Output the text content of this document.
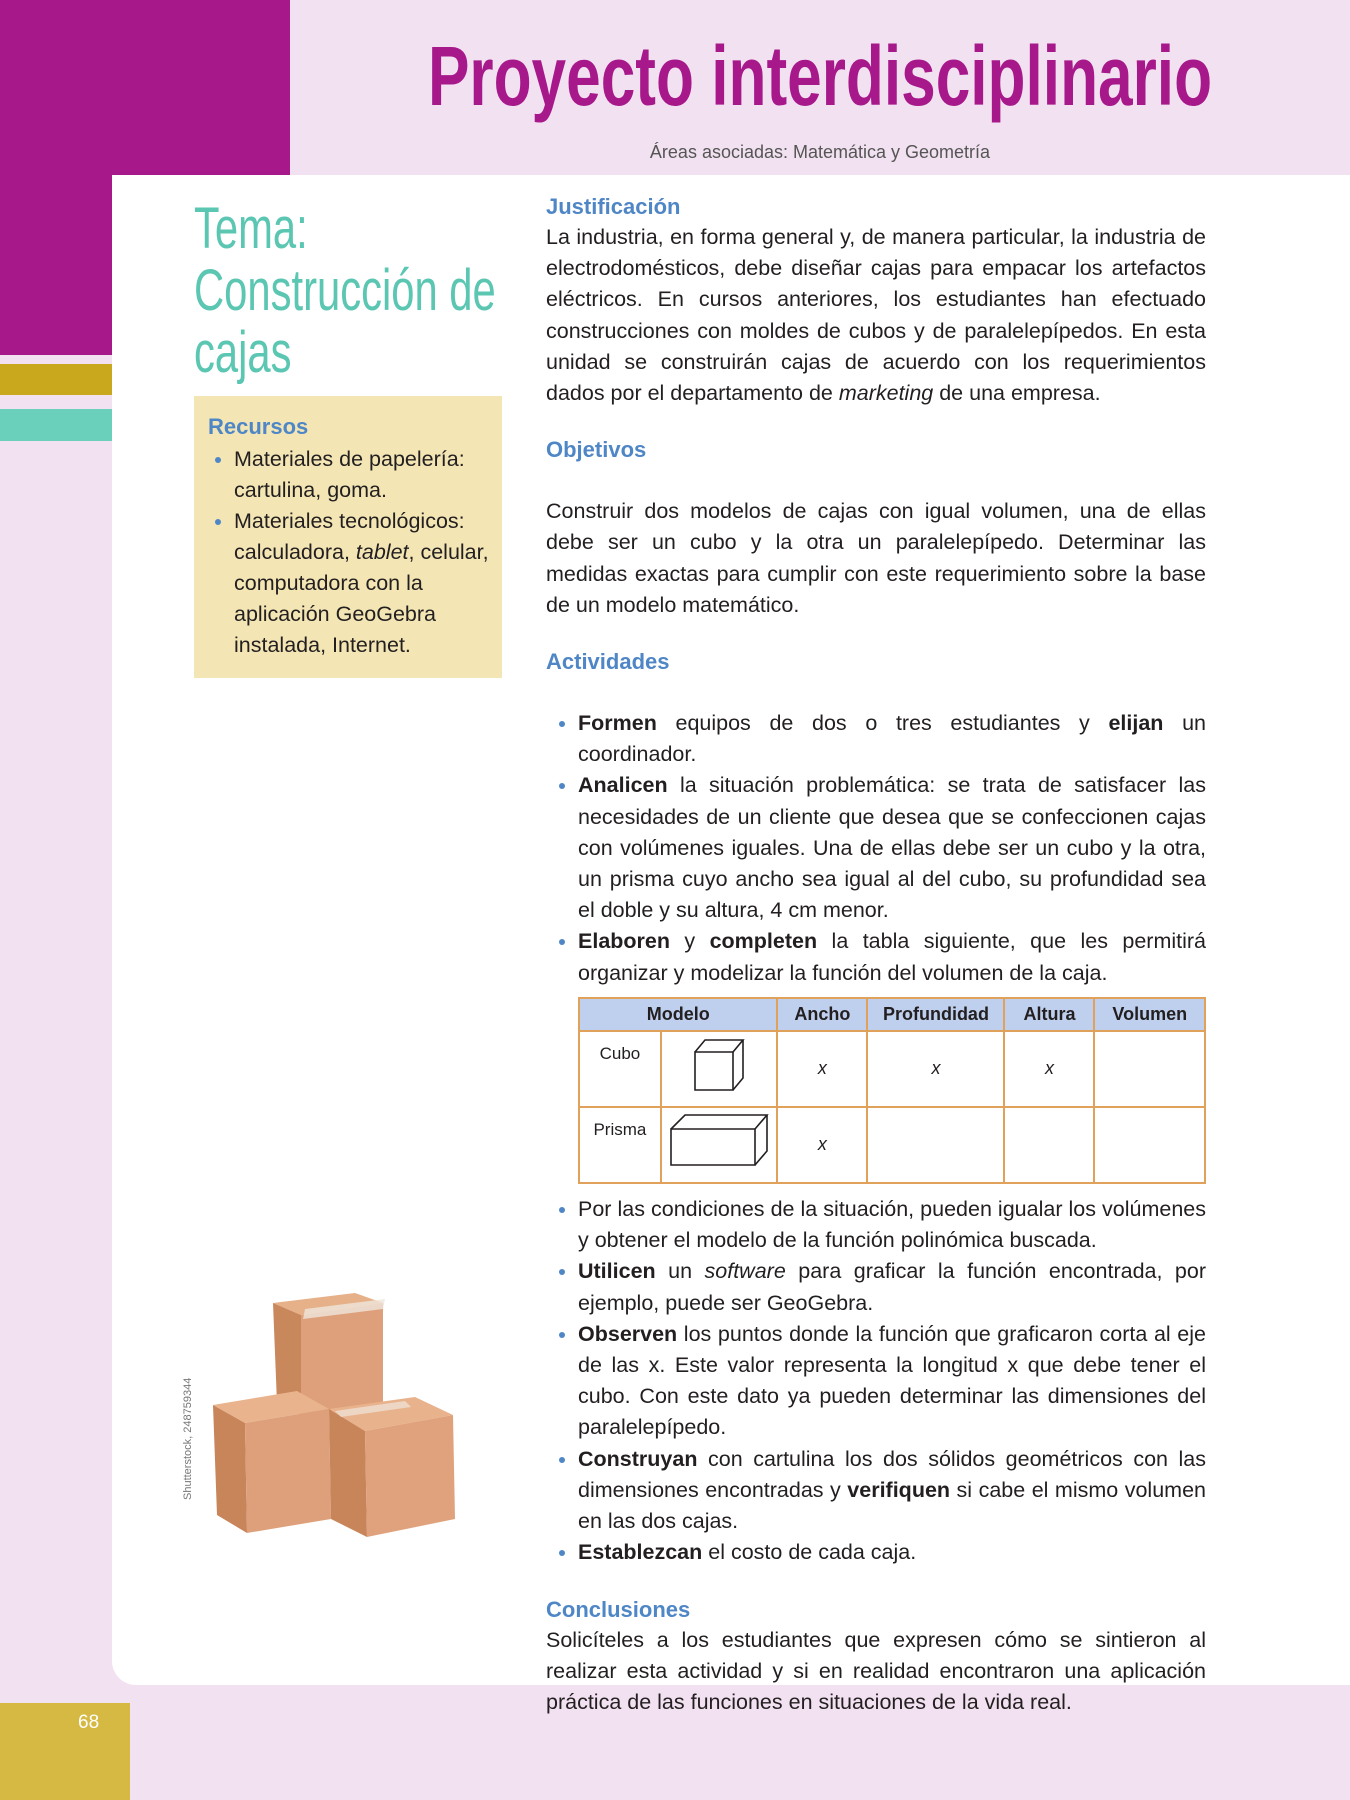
Proyecto interdisciplinario
Áreas asociadas: Matemática y Geometría
Tema: Construcción de cajas
Recursos
• Materiales de papelería: cartulina, goma.
• Materiales tecnológicos: calculadora, tablet, celular, computadora con la aplicación GeoGebra instalada, Internet.
Justificación

La industria, en forma general y, de manera particular, la industria de electrodomésticos, debe diseñar cajas para empacar los artefactos eléctricos. En cursos anteriores, los estudiantes han efectuado construcciones con moldes de cubos y de paralelepípedos. En esta unidad se construirán cajas de acuerdo con los requerimientos dados por el departamento de marketing de una empresa.

Objetivos

Construir dos modelos de cajas con igual volumen, una de ellas debe ser un cubo y la otra un paralelepípedo. Determinar las medidas exactas para cumplir con este requerimiento sobre la base de un modelo matemático.

Actividades
• Formen equipos de dos o tres estudiantes y elijan un coordinador.
• Analicen la situación problemática: se trata de satisfacer las necesidades de un cliente que desea que se confeccionen cajas con volúmenes iguales. Una de ellas debe ser un cubo y la otra, un prisma cuyo ancho sea igual al del cubo, su profundidad sea el doble y su altura, 4 cm menor.
• Elaboren y completen la tabla siguiente, que les permitirá organizar y modelizar la función del volumen de la caja.
Modelo		Ancho	Profundidad	Altura	Volumen
Cubo		x	x	x	
Prisma		x			
• Por las condiciones de la situación, pueden igualar los volúmenes y obtener el modelo de la función polinómica buscada.
• Utilicen un software para graficar la función encontrada, por ejemplo, puede ser GeoGebra.
• Observen los puntos donde la función que graficaron corta al eje de las x. Este valor representa la longitud x que debe tener el cubo. Con este dato ya pueden determinar las dimensiones del paralelepípedo.
• Construyan con cartulina los dos sólidos geométricos con las dimensiones encontradas y verifiquen si cabe el mismo volumen en las dos cajas.
• Establezcan el costo de cada caja.
Conclusiones

Solicíteles a los estudiantes que expresen cómo se sintieron al realizar esta actividad y si en realidad encontraron una aplicación práctica de las funciones en situaciones de la vida real.

Shutterstock, 248759344
68
